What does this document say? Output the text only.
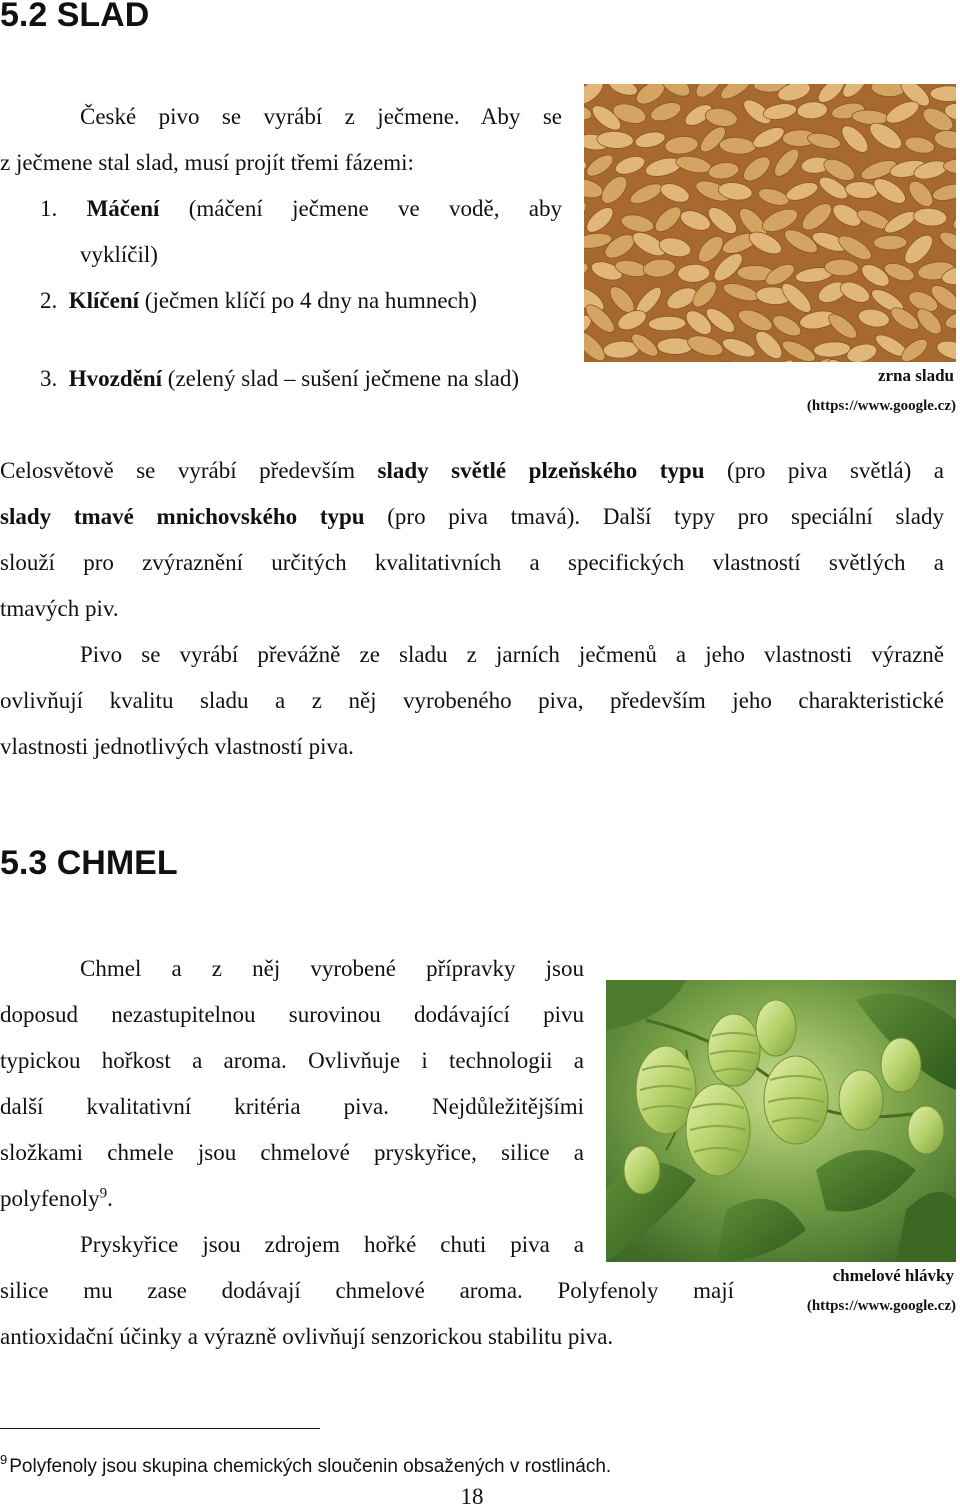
5.2 SLAD
České pivo se vyrábí z ječmene. Aby se
z ječmene stal slad, musí projít třemi fázemi:
1. Máčení (máčení ječmene ve vodě, aby
vyklíčil)
2. Klíčení (ječmen klíčí po 4 dny na humnech)
3. Hvozdění (zelený slad – sušení ječmene na slad)	zrna sladu
(https://www.google.cz)
Celosvětově se vyrábí především slady světlé plzeňského typu (pro piva světlá) a
slady tmavé mnichovského typu (pro piva tmavá). Další typy pro speciální slady
slouží pro zvýraznění určitých kvalitativních a specifických vlastností světlých a
tmavých piv.
Pivo se vyrábí převážně ze sladu z jarních ječmenů a jeho vlastnosti výrazně
ovlivňují kvalitu sladu a z něj vyrobeného piva, především jeho charakteristické
vlastnosti jednotlivých vlastností piva.
5.3 CHMEL
Chmel a z něj vyrobené přípravky jsou
doposud nezastupitelnou surovinou dodávající pivu
typickou hořkost a aroma. Ovlivňuje i technologii a
další kvalitativní kritéria piva. Nejdůležitějšími
složkami chmele jsou chmelové pryskyřice, silice a
polyfenoly$^9$.
Pryskyřice jsou zdrojem hořké chuti piva a
silice mu zase dodávají chmelové aroma. Polyfenoly mají
antioxidační účinky a výrazně ovlivňují senzorickou stabilitu piva.
chmelové hlávky
(https://www.google.cz)
$^9$ Polyfenoly jsou skupina chemických sloučenin obsažených v rostlinách.
18
